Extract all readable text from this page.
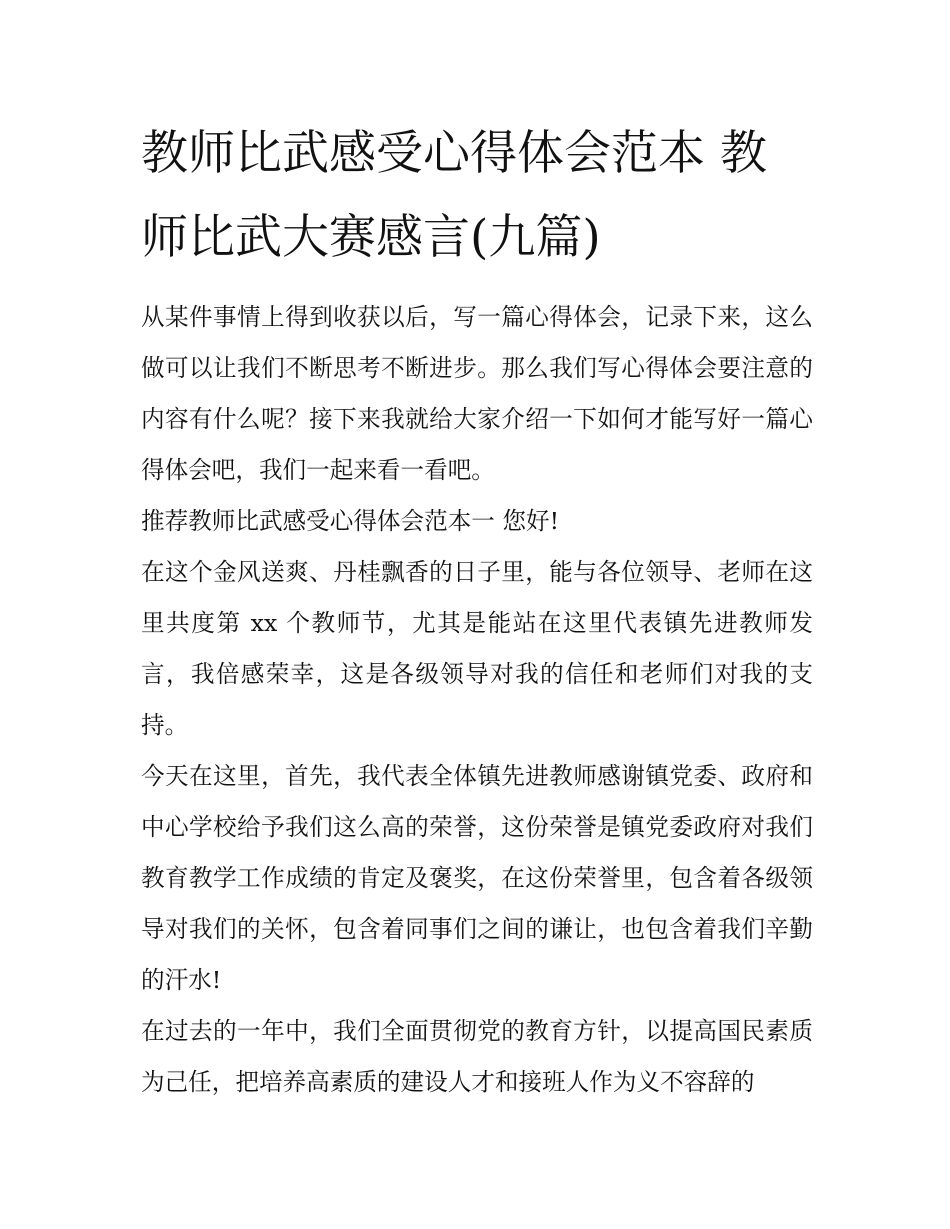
教师比武感受心得体会范本 教师比武大赛感言(九篇)

从某件事情上得到收获以后，写一篇心得体会，记录下来，这么做可以让我们不断思考不断进步。那么我们写心得体会要注意的内容有什么呢？接下来我就给大家介绍一下如何才能写好一篇心得体会吧，我们一起来看一看吧。

推荐教师比武感受心得体会范本一 您好!

在这个金风送爽、丹桂飘香的日子里，能与各位领导、老师在这里共度第 xx 个教师节，尤其是能站在这里代表镇先进教师发言，我倍感荣幸，这是各级领导对我的信任和老师们对我的支持。

今天在这里，首先，我代表全体镇先进教师感谢镇党委、政府和中心学校给予我们这么高的荣誉，这份荣誉是镇党委政府对我们教育教学工作成绩的肯定及褒奖，在这份荣誉里，包含着各级领导对我们的关怀，包含着同事们之间的谦让，也包含着我们辛勤的汗水!

在过去的一年中，我们全面贯彻党的教育方针，以提高国民素质为己任，把培养高素质的建设人才和接班人作为义不容辞的
